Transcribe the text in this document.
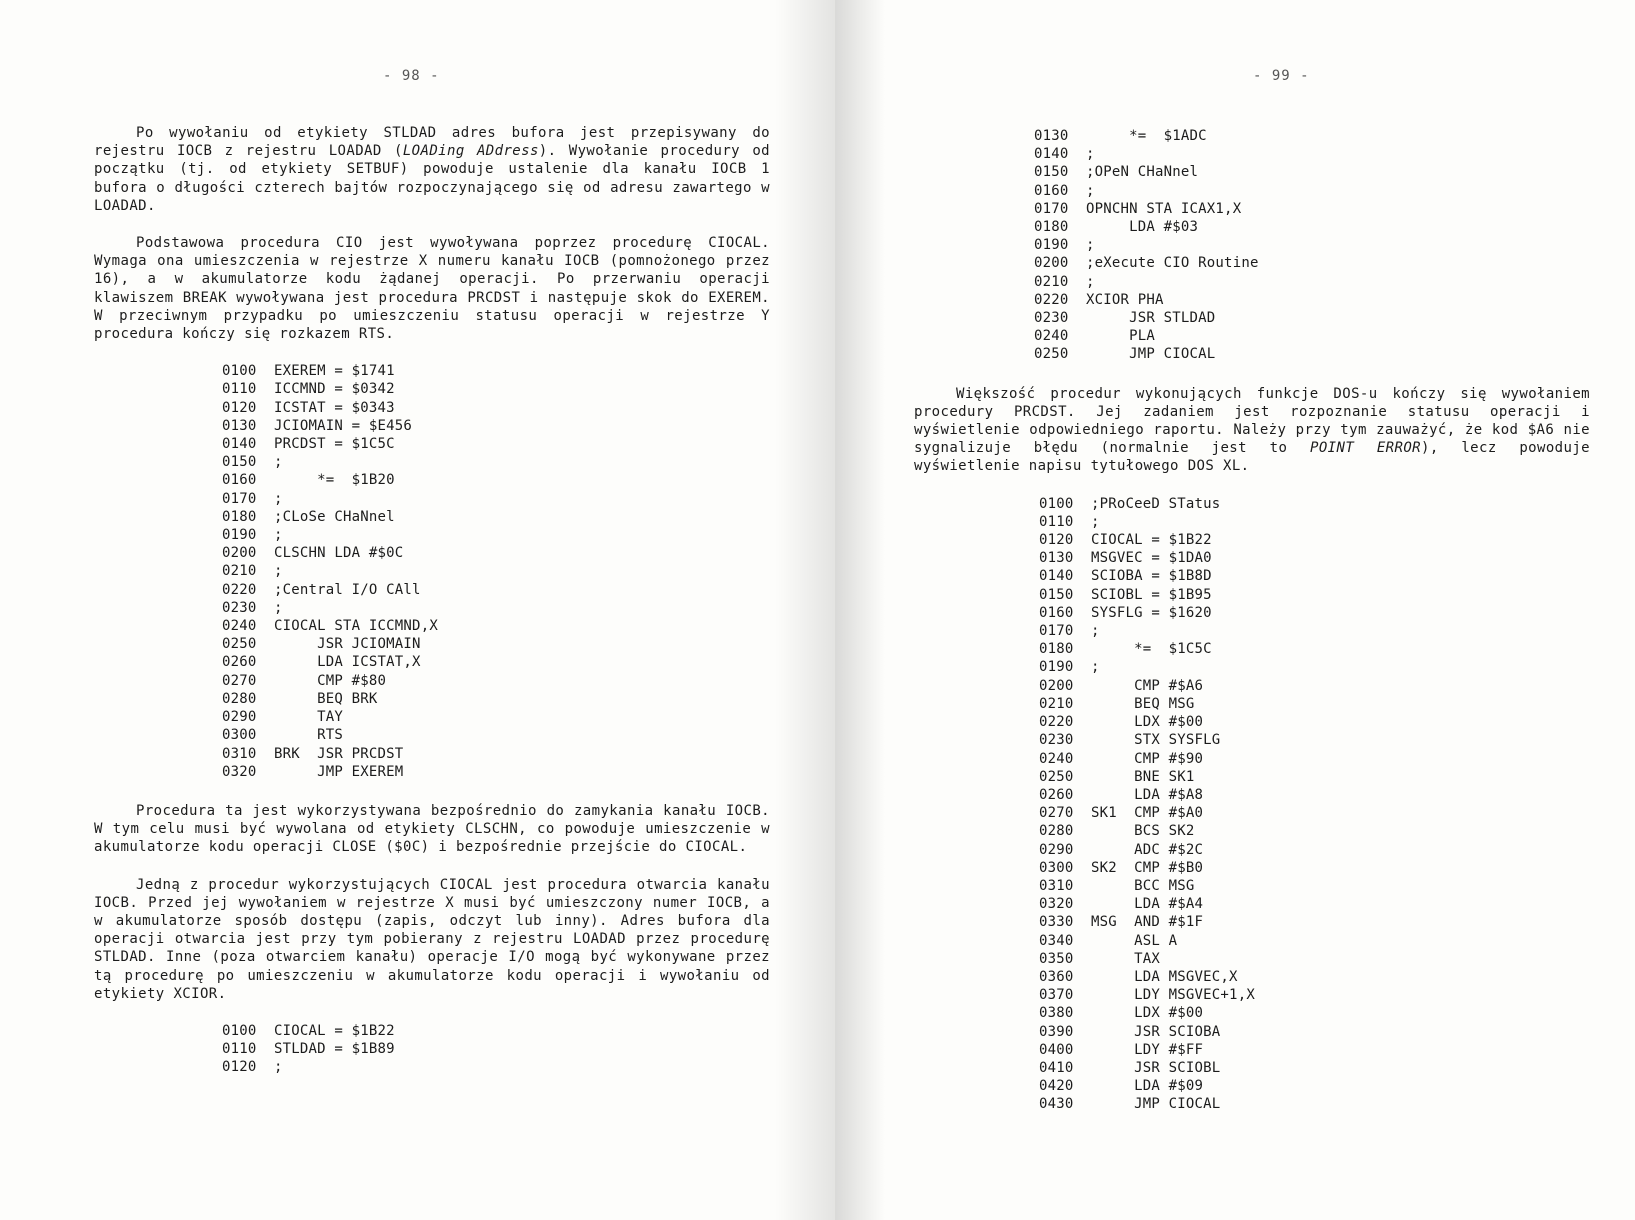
- 98 -

Po wywołaniu od etykiety STLDAD adres bufora jest przepisywany do rejestru IOCB z rejestru LOADAD (LOADing ADdress). Wywołanie procedury od początku (tj. od etykiety SETBUF) powoduje ustalenie dla kanału IOCB 1 bufora o długości czterech bajtów rozpoczynającego się od adresu zawartego w LOADAD.

Podstawowa procedura CIO jest wywoływana poprzez procedurę CIOCAL. Wymaga ona umieszczenia w rejestrze X numeru kanału IOCB (pomnożonego przez 16), a w akumulatorze kodu żądanej operacji. Po przerwaniu operacji klawiszem BREAK wywoływana jest procedura PRCDST i następuje skok do EXEREM. W przeciwnym przypadku po umieszczeniu statusu operacji w rejestrze Y procedura kończy się rozkazem RTS.

0100 EXEREM = $1741
0110 ICCMND = $0342
0120 ICSTAT = $0343
0130 JCIOMAIN = $E456
0140 PRCDST = $1C5C
0150 ;
0160     *=  $1B20
0170 ;
0180 ;CLoSe CHaNnel
0190 ;
0200 CLSCHN LDA #$0C
0210 ;
0220 ;Central I/O CAll
0230 ;
0240 CIOCAL STA ICCMND,X
0250     JSR JCIOMAIN
0260     LDA ICSTAT,X
0270     CMP #$80
0280     BEQ BRK
0290     TAY
0300     RTS
0310 BRK  JSR PRCDST
0320     JMP EXEREM

Procedura ta jest wykorzystywana bezpośrednio do zamykania kanału IOCB. W tym celu musi być wywolana od etykiety CLSCHN, co powoduje umieszczenie w akumulatorze kodu operacji CLOSE ($0C) i bezpośrednie przejście do CIOCAL.

Jedną z procedur wykorzystujących CIOCAL jest procedura otwarcia kanału IOCB. Przed jej wywołaniem w rejestrze X musi być umieszczony numer IOCB, a w akumulatorze sposób dostępu (zapis, odczyt lub inny). Adres bufora dla operacji otwarcia jest przy tym pobierany z rejestru LOADAD przez procedurę STLDAD. Inne (poza otwarciem kanału) operacje I/O mogą być wykonywane przez tą procedurę po umieszczeniu w akumulatorze kodu operacji i wywołaniu od etykiety XCIOR.

0100 CIOCAL = $1B22
0110 STLDAD = $1B89
0120 ;
- 99 -
0130     *=  $1ADC
0140 ;
0150 ;OPeN CHaNnel
0160 ;
0170 OPNCHN STA ICAX1,X
0180     LDA #$03
0190 ;
0200 ;eXecute CIO Routine
0210 ;
0220 XCIOR PHA
0230     JSR STLDAD
0240     PLA
0250     JMP CIOCAL

Większość procedur wykonujących funkcje DOS-u kończy się wywołaniem procedury PRCDST. Jej zadaniem jest rozpoznanie statusu operacji i wyświetlenie odpowiedniego raportu. Należy przy tym zauważyć, że kod $A6 nie sygnalizuje błędu (normalnie jest to POINT ERROR), lecz powoduje wyświetlenie napisu tytułowego DOS XL.

0100 ;PRoCeeD STatus
0110 ;
0120 CIOCAL = $1B22
0130 MSGVEC = $1DA0
0140 SCIOBA = $1B8D
0150 SCIOBL = $1B95
0160 SYSFLG = $1620
0170 ;
0180     *=  $1C5C
0190 ;
0200     CMP #$A6
0210     BEQ MSG
0220     LDX #$00
0230     STX SYSFLG
0240     CMP #$90
0250     BNE SK1
0260     LDA #$A8
0270 SK1  CMP #$A0
0280     BCS SK2
0290     ADC #$2C
0300 SK2  CMP #$B0
0310     BCC MSG
0320     LDA #$A4
0330 MSG  AND #$1F
0340     ASL A
0350     TAX
0360     LDA MSGVEC,X
0370     LDY MSGVEC+1,X
0380     LDX #$00
0390     JSR SCIOBA
0400     LDY #$FF
0410     JSR SCIOBL
0420     LDA #$09
0430     JMP CIOCAL
